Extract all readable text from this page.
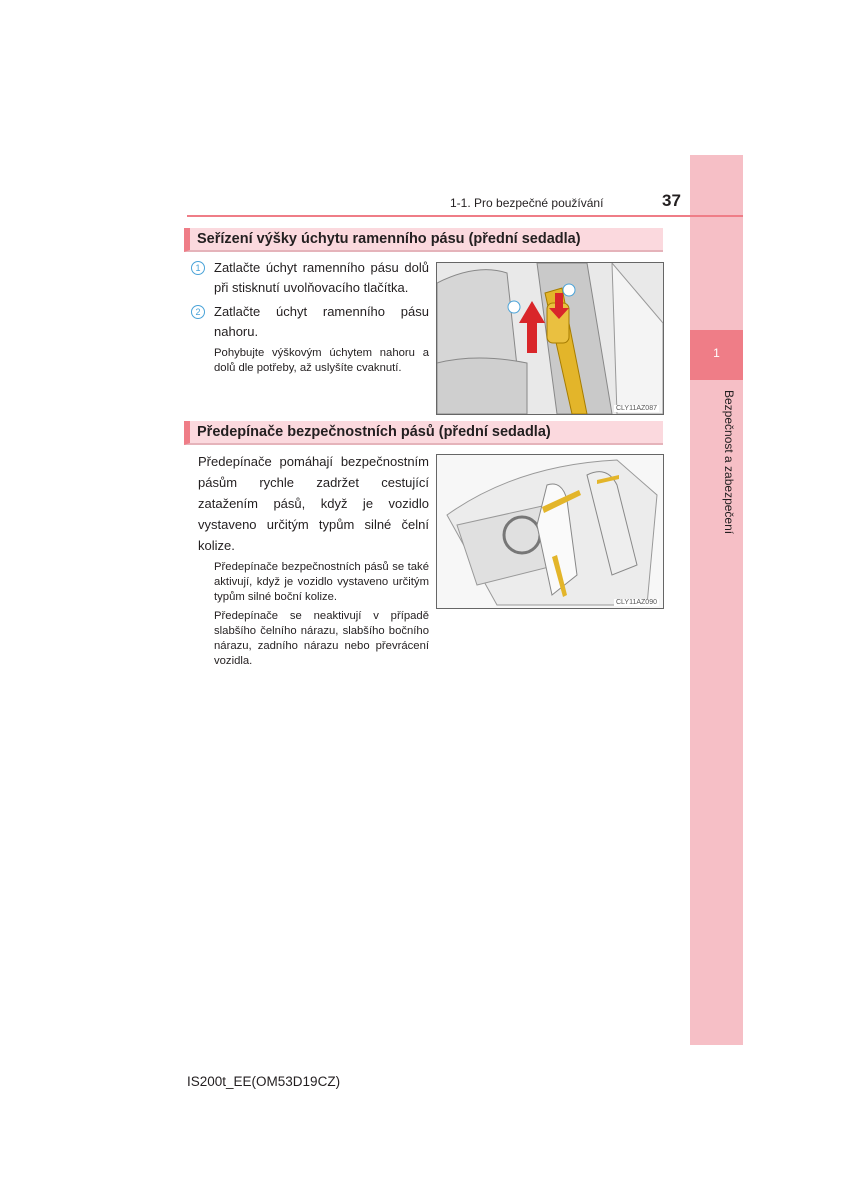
1
Bezpečnost a zabezpečení
1-1. Pro bezpečné používání	37
Seřízení výšky úchytu ramenního pásu (přední sedadla)
1	Zatlačte úchyt ramenního pásu dolů při stisknutí uvolňovacího tlačítka.
2	Zatlačte úchyt ramenního pásu nahoru.
Pohybujte výškovým úchytem nahoru a dolů dle potřeby, až uslyšíte cvaknutí.
CLY11AZ087
Předepínače bezpečnostních pásů (přední sedadla)
Předepínače pomáhají bezpečnostním pásům rychle zadržet cestující zatažením pásů, když je vozidlo vystaveno určitým typům silné čelní kolize.
Předepínače bezpečnostních pásů se také aktivují, když je vozidlo vystaveno určitým typům silné boční kolize.
Předepínače se neaktivují v případě slabšího čelního nárazu, slabšího bočního nárazu, zadního nárazu nebo převrácení vozidla.
CLY11AZ090
IS200t_EE(OM53D19CZ)
